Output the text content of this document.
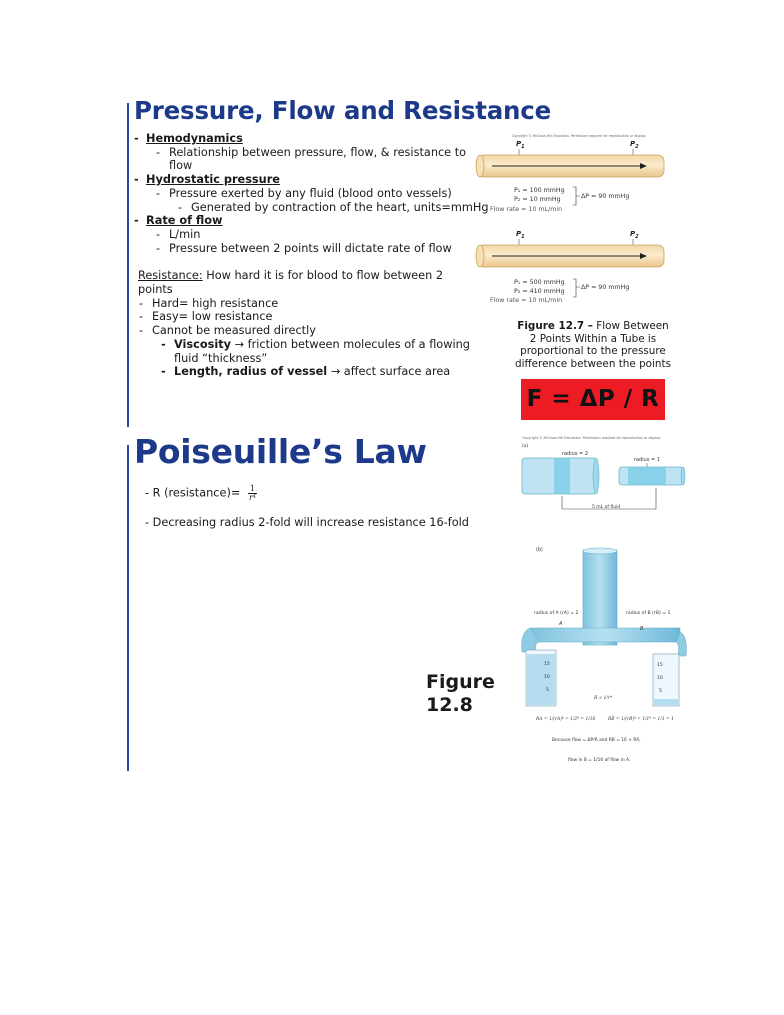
Pressure, Flow and Resistance
- Hemodynamics
- Relationship between pressure, flow, & resistance to
flow
- Hydrostatic pressure
- Pressure exerted by any fluid (blood onto vessels)
- Generated by contraction of the heart, units=mmHg
- Rate of flow
- L/min
- Pressure between 2 points will dictate rate of flow
Resistance: How hard it is for blood to flow between 2 points
- Hard= high resistance
- Easy= low resistance
- Cannot be measured directly
- Viscosity → friction between molecules of a flowing fluid “thickness”
- Length, radius of vessel → affect surface area
Copyright © McGraw-Hill Education. Permission required for reproduction or display.
$P_1$	$P_2$
P₁ = 100 mmHg
P₂ = 10 mmHg	ΔP = 90 mmHg
Flow rate = 10 mL/min
$P_1$	$P_2$
P₁ = 500 mmHg
P₂ = 410 mmHg
ΔP = 90 mmHg
Flow rate = 10 mL/min
Figure 12.7 – Flow Between 2 Points Within a Tube is proportional to the pressure difference between the points
F = ΔP / R
Poiseuille’s Law
- R (resistance)= $\frac{1}{\text{r⁴}}$
- Decreasing radius 2-fold will increase resistance 16-fold
Copyright © McGraw-Hill Education. Permission required for reproduction or display.
(a)
radius = 2
radius = 1
5 mL of fluid
(b)
radius of A (rA) = 2	radius of B (rB) = 1
A
B
15
10
5
15
10
5
R ∝ 1/r⁴
RA = 1/(rA)⁴ = 1/2⁴ = 1/16	RB = 1/(rB)⁴ = 1/1⁴ = 1/1 = 1
Because flow = ΔP/R and RB = 16 × RA,
flow in B = 1/16 of flow in A.
Figure
12.8
